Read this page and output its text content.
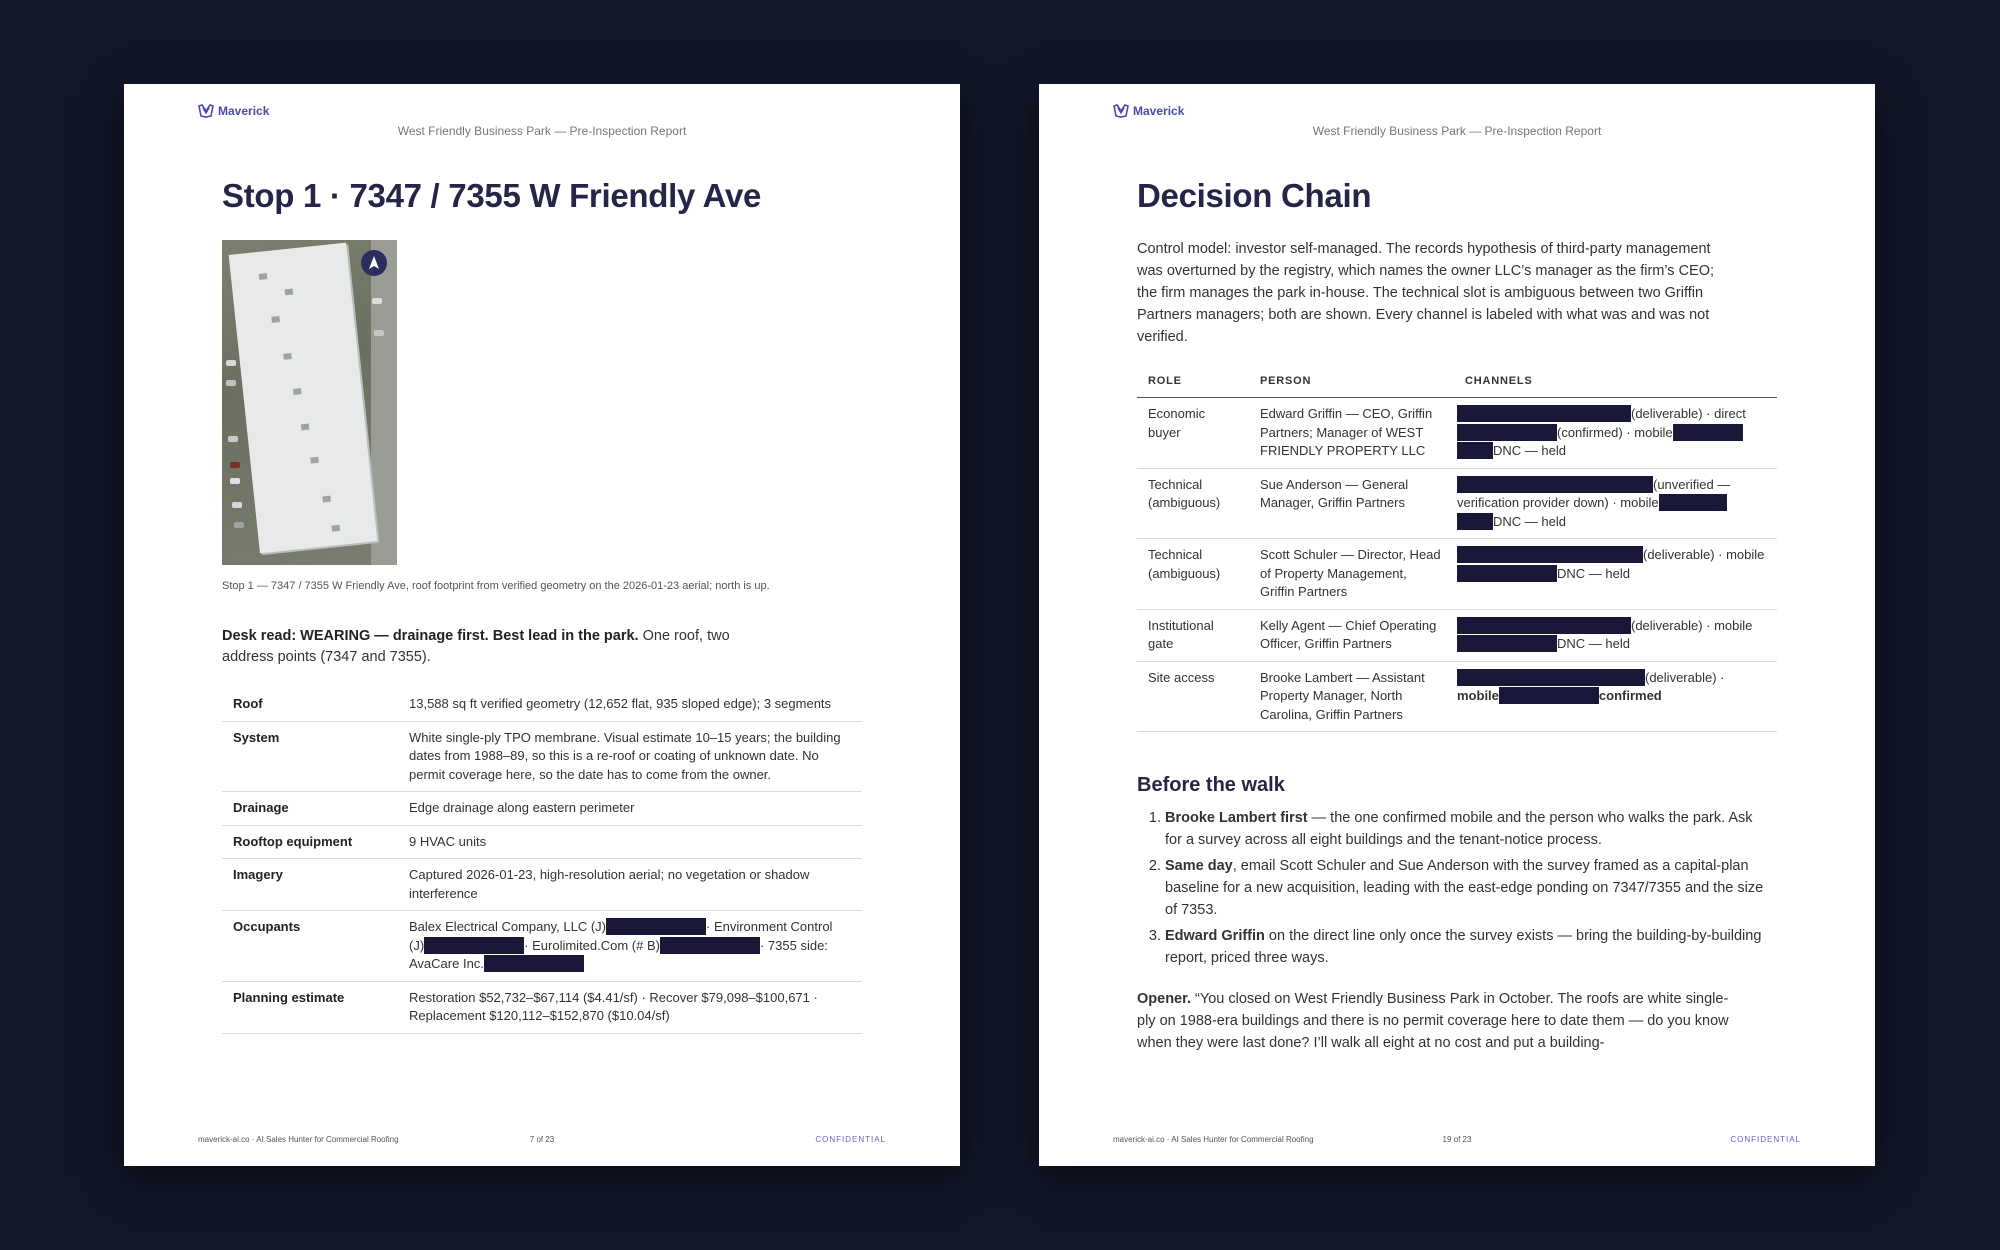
Maverick
West Friendly Business Park — Pre-Inspection Report
Stop 1 · 7347 / 7355 W Friendly Ave
Stop 1 — 7347 / 7355 W Friendly Ave, roof footprint from verified geometry on the 2026-01-23 aerial; north is up.
Desk read: WEARING — drainage first. Best lead in the park. One roof, two address points (7347 and 7355).
Roof	13,588 sq ft verified geometry (12,652 flat, 935 sloped edge); 3 segments
System	White single-ply TPO membrane. Visual estimate 10–15 years; the building dates from 1988–89, so this is a re-roof or coating of unknown date. No permit coverage here, so the date has to come from the owner.
Drainage	Edge drainage along eastern perimeter
Rooftop equipment	9 HVAC units
Imagery	Captured 2026-01-23, high-resolution aerial; no vegetation or shadow interference
Occupants	Balex Electrical Company, LLC (J) · Environment Control (J) · Eurolimited.Com (# B) · 7355 side: AvaCare Inc.
Planning estimate	Restoration $52,732–$67,114 ($4.41/sf) · Recover $79,098–$100,671 · Replacement $120,112–$152,870 ($10.04/sf)
maverick-ai.co · AI Sales Hunter for Commercial Roofing	7 of 23	CONFIDENTIAL
Maverick
West Friendly Business Park — Pre-Inspection Report
Decision Chain
Control model: investor self-managed. The records hypothesis of third-party management was overturned by the registry, which names the owner LLC’s manager as the firm’s CEO; the firm manages the park in-house. The technical slot is ambiguous between two Griffin Partners managers; both are shown. Every channel is labeled with what was and was not verified.
ROLE	PERSON	CHANNELS
Economic buyer	Edward Griffin — CEO, Griffin Partners; Manager of WEST FRIENDLY PROPERTY LLC	(deliverable) · direct (confirmed) · mobile DNC — held
Technical (ambiguous)	Sue Anderson — General Manager, Griffin Partners	(unverified — verification provider down) · mobile DNC — held
Technical (ambiguous)	Scott Schuler — Director, Head of Property Management, Griffin Partners	(deliverable) · mobileDNC — held
Institutional gate	Kelly Agent — Chief Operating Officer, Griffin Partners	(deliverable) · mobile DNC — held
Site access	Brooke Lambert — Assistant Property Manager, North Carolina, Griffin Partners	(deliverable) · mobile confirmed
Before the walk
1. Brooke Lambert first — the one confirmed mobile and the person who walks the park. Ask for a survey across all eight buildings and the tenant-notice process.
2. Same day, email Scott Schuler and Sue Anderson with the survey framed as a capital-plan baseline for a new acquisition, leading with the east-edge ponding on 7347/7355 and the size of 7353.
3. Edward Griffin on the direct line only once the survey exists — bring the building-by-building report, priced three ways.
Opener. “You closed on West Friendly Business Park in October. The roofs are white single-ply on 1988-era buildings and there is no permit coverage here to date them — do you know when they were last done? I’ll walk all eight at no cost and put a building-
maverick-ai.co · AI Sales Hunter for Commercial Roofing	19 of 23	CONFIDENTIAL
